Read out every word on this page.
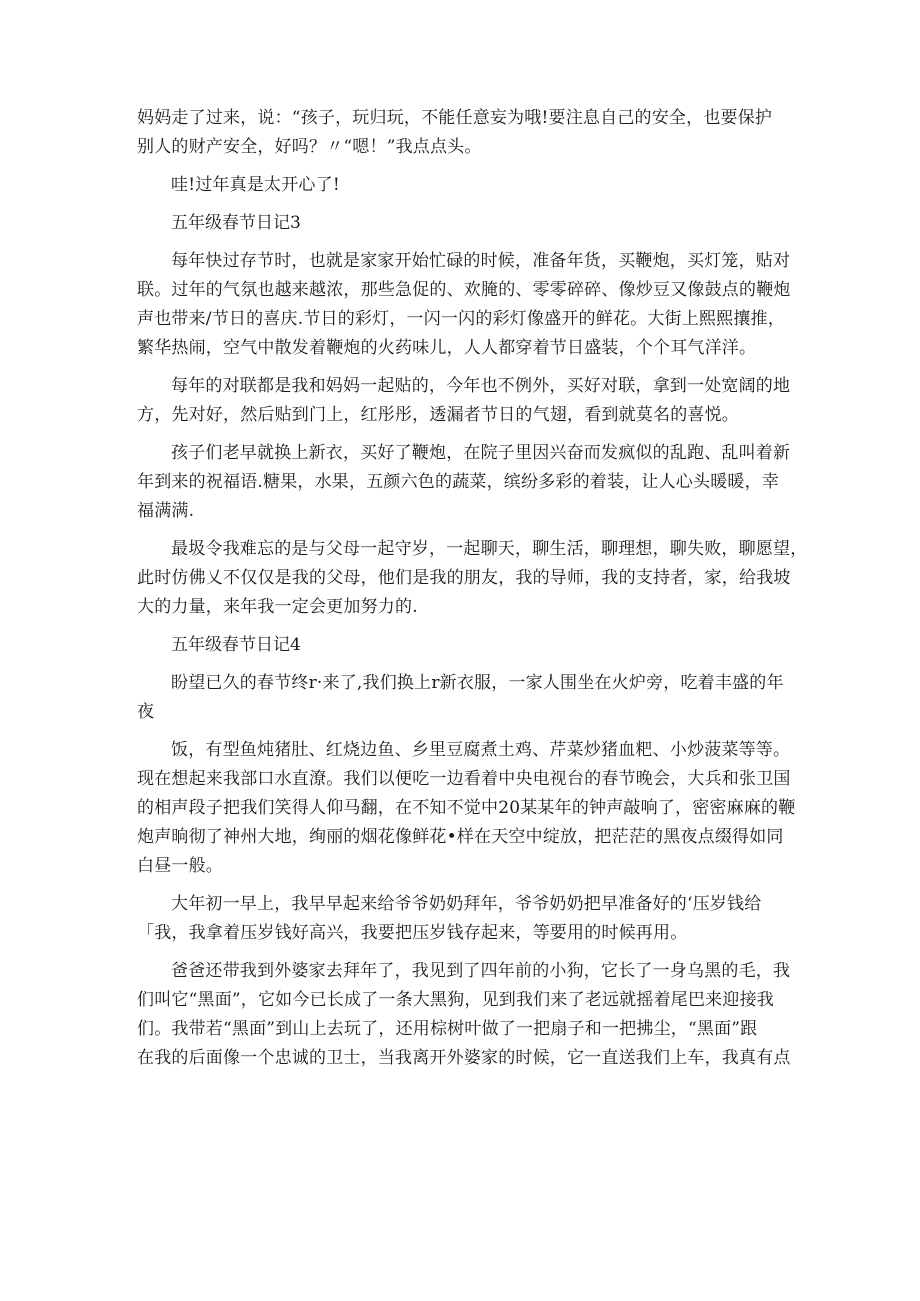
妈妈走了过来，说：“孩子，玩归玩，不能任意妄为哦!要注息自己的安全，也要保护
别人的财产安全，好吗？〃“嗯！”我点点头。

哇!过年真是太开心了!

五年级春节日记3

每年快过存节时，也就是家家开始忙碌的时候，准备年货，买鞭炮，买灯笼，贴对
联。过年的气氛也越来越浓，那些急促的、欢腌的、零零碎碎、像炒豆又像鼓点的鞭炮
声也带来/节日的喜庆.节日的彩灯，一闪一闪的彩灯像盛开的鲜花。大街上熙熙攘推，
繁华热闹，空气中散发着鞭炮的火药味儿，人人都穿着节日盛装，个个耳气洋洋。

每年的对联都是我和妈妈一起贴的，今年也不例外，买好对联，拿到一处宽阔的地
方，先对好，然后贴到门上，红彤彤，透漏者节日的气翅，看到就莫名的喜悦。

孩子们老早就换上新衣，买好了鞭炮，在院子里因兴奋而发疯似的乱跑、乱叫着新
年到来的祝福语.糖果，水果，五颜六色的蔬菜，缤纷多彩的着装，让人心头暖暖，幸
福满满.

最圾令我难忘的是与父母一起守岁，一起聊天，聊生活，聊理想，聊失败，聊愿望，
此时仿佛乂不仅仅是我的父母，他们是我的朋友，我的导师，我的支持者，家，给我坡
大的力量，来年我一定会更加努力的.

五年级春节日记4

盼望已久的春节终r·来了,我们换上r新衣服，一家人围坐在火炉旁，吃着丰盛的年
夜

饭，有型鱼炖猪肚、红烧边鱼、乡里豆腐煮土鸡、芹菜炒猪血粑、小炒菠菜等等。
现在想起来我部口水直潦。我们以便吃一边看着中央电视台的春节晚会，大兵和张卫国
的相声段子把我们笑得人仰马翻，在不知不觉中20某某年的钟声敲响了，密密麻麻的鞭
炮声晌彻了神州大地，绚丽的烟花像鲜花•样在天空中绽放，把茫茫的黑夜点缀得如同
白昼一般。

大年初一早上，我早早起来给爷爷奶奶拜年，爷爷奶奶把早准备好的‘压岁钱给
「我，我拿着压岁钱好高兴，我要把压岁钱存起来，等要用的时候再用。

爸爸还带我到外婆家去拜年了，我见到了四年前的小狗，它长了一身乌黑的毛，我
们叫它“黑面”，它如今已长成了一条大黑狗，见到我们来了老远就摇着尾巴来迎接我
们。我带若“黑面”到山上去玩了，还用棕树叶做了一把扇子和一把拂尘，“黑面”跟
在我的后面像一个忠诚的卫士，当我离开外婆家的时候，它一直送我们上车，我真有点
